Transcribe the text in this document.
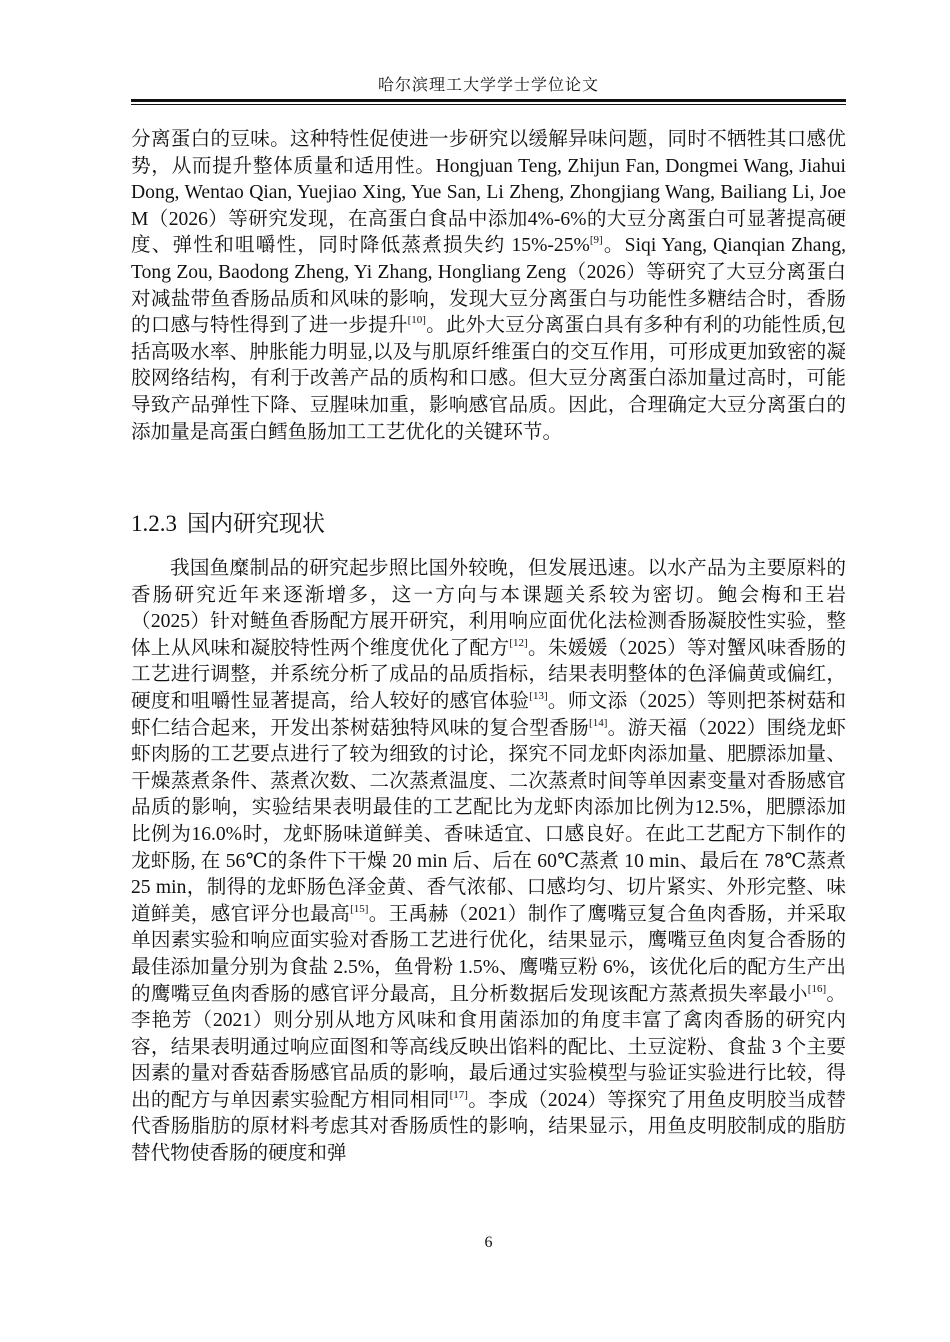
哈尔滨理工大学学士学位论文

分离蛋白的豆味。这种特性促使进一步研究以缓解异味问题，同时不牺牲其口感优势，从而提升整体质量和适用性。Hongjuan Teng, Zhijun Fan, Dongmei Wang, Jiahui Dong, Wentao Qian, Yuejiao Xing, Yue San, Li Zheng, Zhongjiang Wang, Bailiang Li, Joe M（2026）等研究发现，在高蛋白食品中添加4%-6%的大豆分离蛋白可显著提高硬度、弹性和咀嚼性，同时降低蒸煮损失约 15%-25%[9]。Siqi Yang, Qianqian Zhang, Tong Zou, Baodong Zheng, Yi Zhang, Hongliang Zeng（2026）等研究了大豆分离蛋白对减盐带鱼香肠品质和风味的影响，发现大豆分离蛋白与功能性多糖结合时，香肠的口感与特性得到了进一步提升[10]。此外大豆分离蛋白具有多种有利的功能性质,包括高吸水率、肿胀能力明显,以及与肌原纤维蛋白的交互作用，可形成更加致密的凝胶网络结构，有利于改善产品的质构和口感。但大豆分离蛋白添加量过高时，可能导致产品弹性下降、豆腥味加重，影响感官品质。因此，合理确定大豆分离蛋白的添加量是高蛋白鳕鱼肠加工工艺优化的关键环节。

1.2.3 国内研究现状

我国鱼糜制品的研究起步照比国外较晚，但发展迅速。以水产品为主要原料的香肠研究近年来逐渐增多，这一方向与本课题关系较为密切。鲍会梅和王岩（2025）针对鲢鱼香肠配方展开研究，利用响应面优化法检测香肠凝胶性实验，整体上从风味和凝胶特性两个维度优化了配方[12]。朱媛媛（2025）等对蟹风味香肠的工艺进行调整，并系统分析了成品的品质指标，结果表明整体的色泽偏黄或偏红，硬度和咀嚼性显著提高，给人较好的感官体验[13]。师文添（2025）等则把茶树菇和虾仁结合起来，开发出茶树菇独特风味的复合型香肠[14]。游天福（2022）围绕龙虾虾肉肠的工艺要点进行了较为细致的讨论，探究不同龙虾肉添加量、肥膘添加量、干燥蒸煮条件、蒸煮次数、二次蒸煮温度、二次蒸煮时间等单因素变量对香肠感官品质的影响，实验结果表明最佳的工艺配比为龙虾肉添加比例为12.5%，肥膘添加比例为16.0%时，龙虾肠味道鲜美、香味适宜、口感良好。在此工艺配方下制作的龙虾肠, 在 56℃的条件下干燥 20 min 后、后在 60℃蒸煮 10 min、最后在 78℃蒸煮 25 min，制得的龙虾肠色泽金黄、香气浓郁、口感均匀、切片紧实、外形完整、味道鲜美，感官评分也最高[15]。王禹赫（2021）制作了鹰嘴豆复合鱼肉香肠，并采取单因素实验和响应面实验对香肠工艺进行优化，结果显示，鹰嘴豆鱼肉复合香肠的最佳添加量分别为食盐 2.5%，鱼骨粉 1.5%、鹰嘴豆粉 6%，该优化后的配方生产出的鹰嘴豆鱼肉香肠的感官评分最高，且分析数据后发现该配方蒸煮损失率最小[16]。李艳芳（2021）则分别从地方风味和食用菌添加的角度丰富了禽肉香肠的研究内容，结果表明通过响应面图和等高线反映出馅料的配比、土豆淀粉、食盐 3 个主要因素的量对香菇香肠感官品质的影响，最后通过实验模型与验证实验进行比较，得出的配方与单因素实验配方相同相同[17]。李成（2024）等探究了用鱼皮明胶当成替代香肠脂肪的原材料考虑其对香肠质性的影响，结果显示，用鱼皮明胶制成的脂肪替代物使香肠的硬度和弹

6
